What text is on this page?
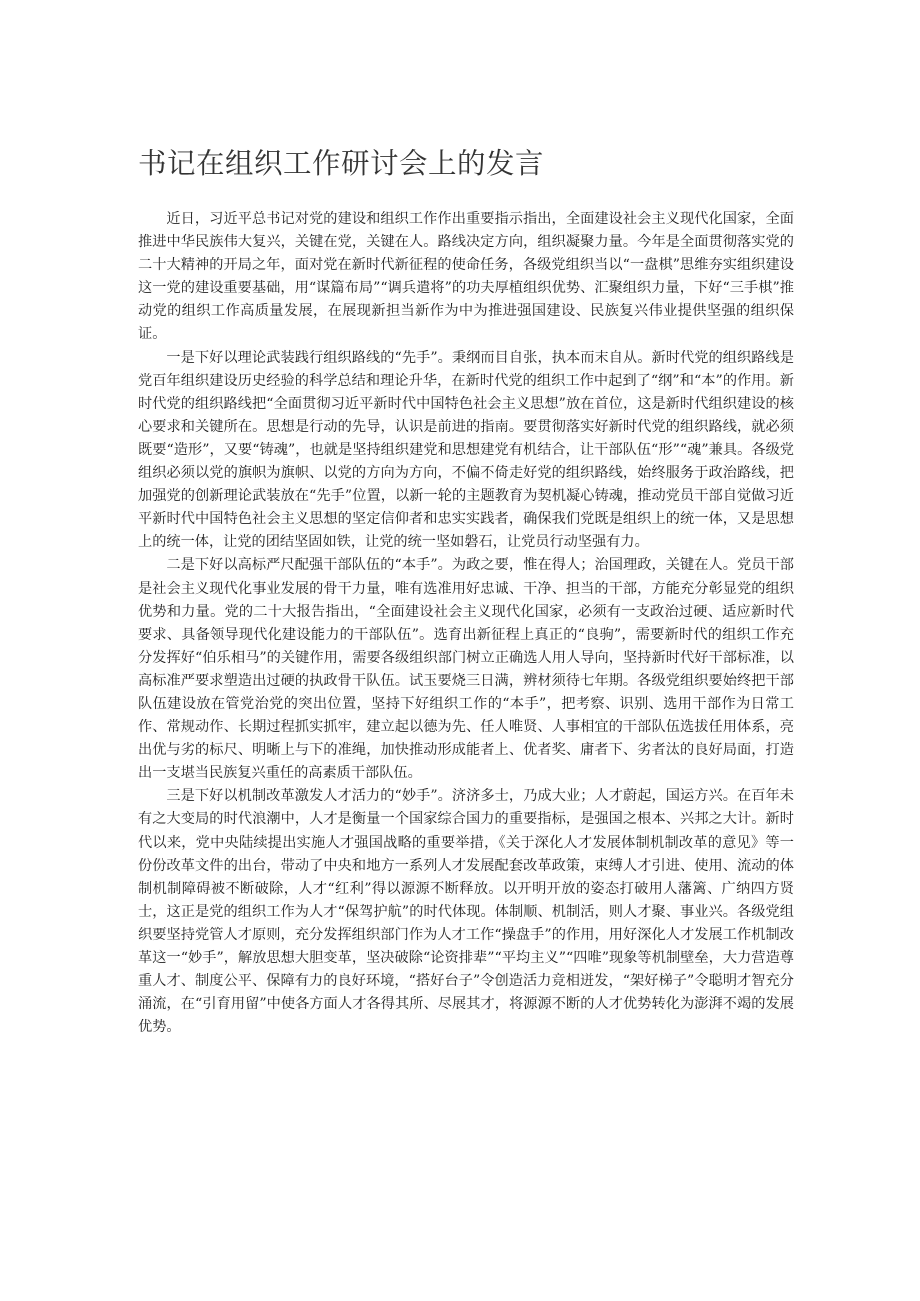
书记在组织工作研讨会上的发言

近日，习近平总书记对党的建设和组织工作作出重要指示指出，全面建设社会主义现代化国家，全面推进中华民族伟大复兴，关键在党，关键在人。路线决定方向，组织凝聚力量。今年是全面贯彻落实党的二十大精神的开局之年，面对党在新时代新征程的使命任务，各级党组织当以“一盘棋”思维夯实组织建设这一党的建设重要基础，用“谋篇布局”“调兵遣将”的功夫厚植组织优势、汇聚组织力量，下好“三手棋”推动党的组织工作高质量发展，在展现新担当新作为中为推进强国建设、民族复兴伟业提供坚强的组织保证。

一是下好以理论武装践行组织路线的“先手”。秉纲而目自张，执本而末自从。新时代党的组织路线是党百年组织建设历史经验的科学总结和理论升华，在新时代党的组织工作中起到了“纲”和“本”的作用。新时代党的组织路线把“全面贯彻习近平新时代中国特色社会主义思想”放在首位，这是新时代组织建设的核心要求和关键所在。思想是行动的先导，认识是前进的指南。要贯彻落实好新时代党的组织路线，就必须既要“造形”，又要“铸魂”，也就是坚持组织建党和思想建党有机结合，让干部队伍“形”“魂”兼具。各级党组织必须以党的旗帜为旗帜、以党的方向为方向，不偏不倚走好党的组织路线，始终服务于政治路线，把加强党的创新理论武装放在“先手”位置，以新一轮的主题教育为契机凝心铸魂，推动党员干部自觉做习近平新时代中国特色社会主义思想的坚定信仰者和忠实实践者，确保我们党既是组织上的统一体，又是思想上的统一体，让党的团结坚固如铁，让党的统一坚如磐石，让党员行动坚强有力。

二是下好以高标严尺配强干部队伍的“本手”。为政之要，惟在得人；治国理政，关键在人。党员干部是社会主义现代化事业发展的骨干力量，唯有选准用好忠诚、干净、担当的干部，方能充分彰显党的组织优势和力量。党的二十大报告指出，“全面建设社会主义现代化国家，必须有一支政治过硬、适应新时代要求、具备领导现代化建设能力的干部队伍”。选育出新征程上真正的“良驹”，需要新时代的组织工作充分发挥好“伯乐相马”的关键作用，需要各级组织部门树立正确选人用人导向，坚持新时代好干部标准，以高标准严要求塑造出过硬的执政骨干队伍。试玉要烧三日满，辨材须待七年期。各级党组织要始终把干部队伍建设放在管党治党的突出位置，坚持下好组织工作的“本手”，把考察、识别、选用干部作为日常工作、常规动作、长期过程抓实抓牢，建立起以德为先、任人唯贤、人事相宜的干部队伍选拔任用体系，亮出优与劣的标尺、明晰上与下的准绳，加快推动形成能者上、优者奖、庸者下、劣者汰的良好局面，打造出一支堪当民族复兴重任的高素质干部队伍。

三是下好以机制改革激发人才活力的“妙手”。济济多士，乃成大业；人才蔚起，国运方兴。在百年未有之大变局的时代浪潮中，人才是衡量一个国家综合国力的重要指标，是强国之根本、兴邦之大计。新时代以来，党中央陆续提出实施人才强国战略的重要举措，《关于深化人才发展体制机制改革的意见》等一份份改革文件的出台，带动了中央和地方一系列人才发展配套改革政策，束缚人才引进、使用、流动的体制机制障碍被不断破除，人才“红利”得以源源不断释放。以开明开放的姿态打破用人藩篱、广纳四方贤士，这正是党的组织工作为人才“保驾护航”的时代体现。体制顺、机制活，则人才聚、事业兴。各级党组织要坚持党管人才原则，充分发挥组织部门作为人才工作“操盘手”的作用，用好深化人才发展工作机制改革这一“妙手”，解放思想大胆变革，坚决破除“论资排辈”“平均主义”“四唯”现象等机制壁垒，大力营造尊重人才、制度公平、保障有力的良好环境，“搭好台子”令创造活力竞相迸发，“架好梯子”令聪明才智充分涌流，在“引育用留”中使各方面人才各得其所、尽展其才，将源源不断的人才优势转化为澎湃不竭的发展优势。
